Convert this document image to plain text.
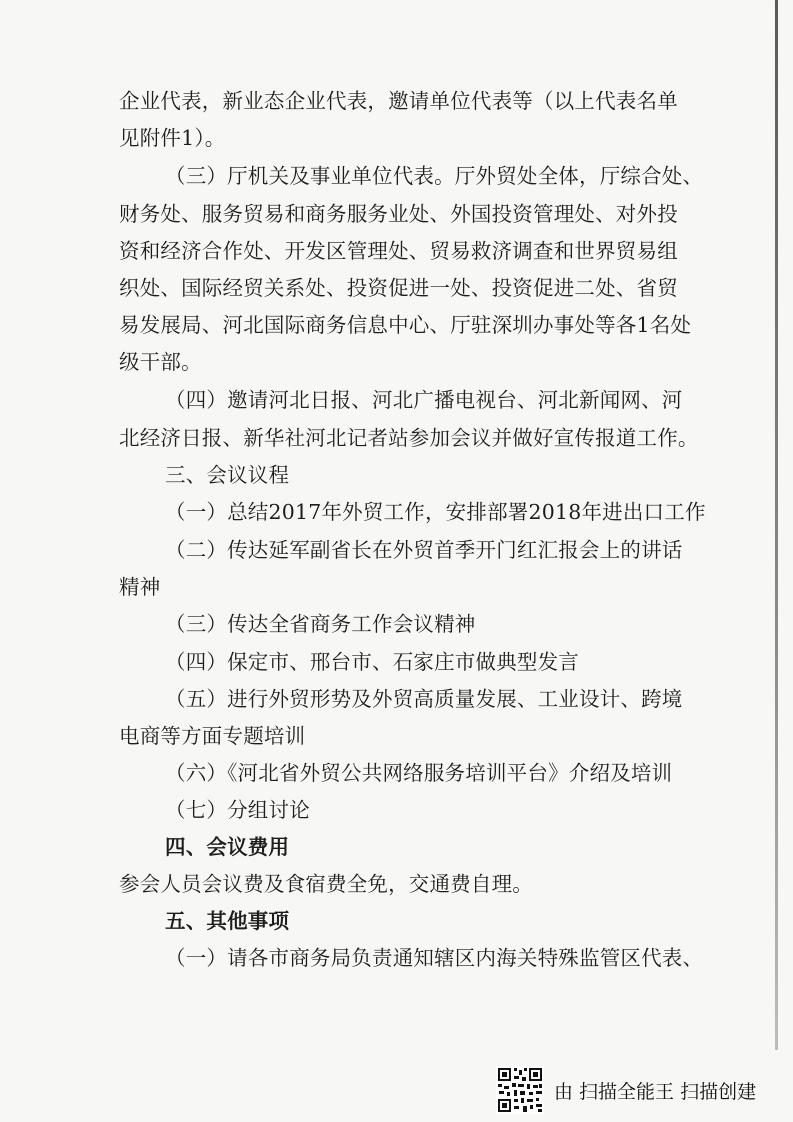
企业代表，新业态企业代表，邀请单位代表等（以上代表名单
见附件1）。
（三）厅机关及事业单位代表。厅外贸处全体，厅综合处、
财务处、服务贸易和商务服务业处、外国投资管理处、对外投
资和经济合作处、开发区管理处、贸易救济调查和世界贸易组
织处、国际经贸关系处、投资促进一处、投资促进二处、省贸
易发展局、河北国际商务信息中心、厅驻深圳办事处等各1名处
级干部。
（四）邀请河北日报、河北广播电视台、河北新闻网、河
北经济日报、新华社河北记者站参加会议并做好宣传报道工作。
三、会议议程
（一）总结2017年外贸工作，安排部署2018年进出口工作
（二）传达延军副省长在外贸首季开门红汇报会上的讲话
精神
（三）传达全省商务工作会议精神
（四）保定市、邢台市、石家庄市做典型发言
（五）进行外贸形势及外贸高质量发展、工业设计、跨境
电商等方面专题培训
（六）《河北省外贸公共网络服务培训平台》介绍及培训
（七）分组讨论
四、会议费用
参会人员会议费及食宿费全免，交通费自理。
五、其他事项
（一）请各市商务局负责通知辖区内海关特殊监管区代表、
由 扫描全能王 扫描创建
